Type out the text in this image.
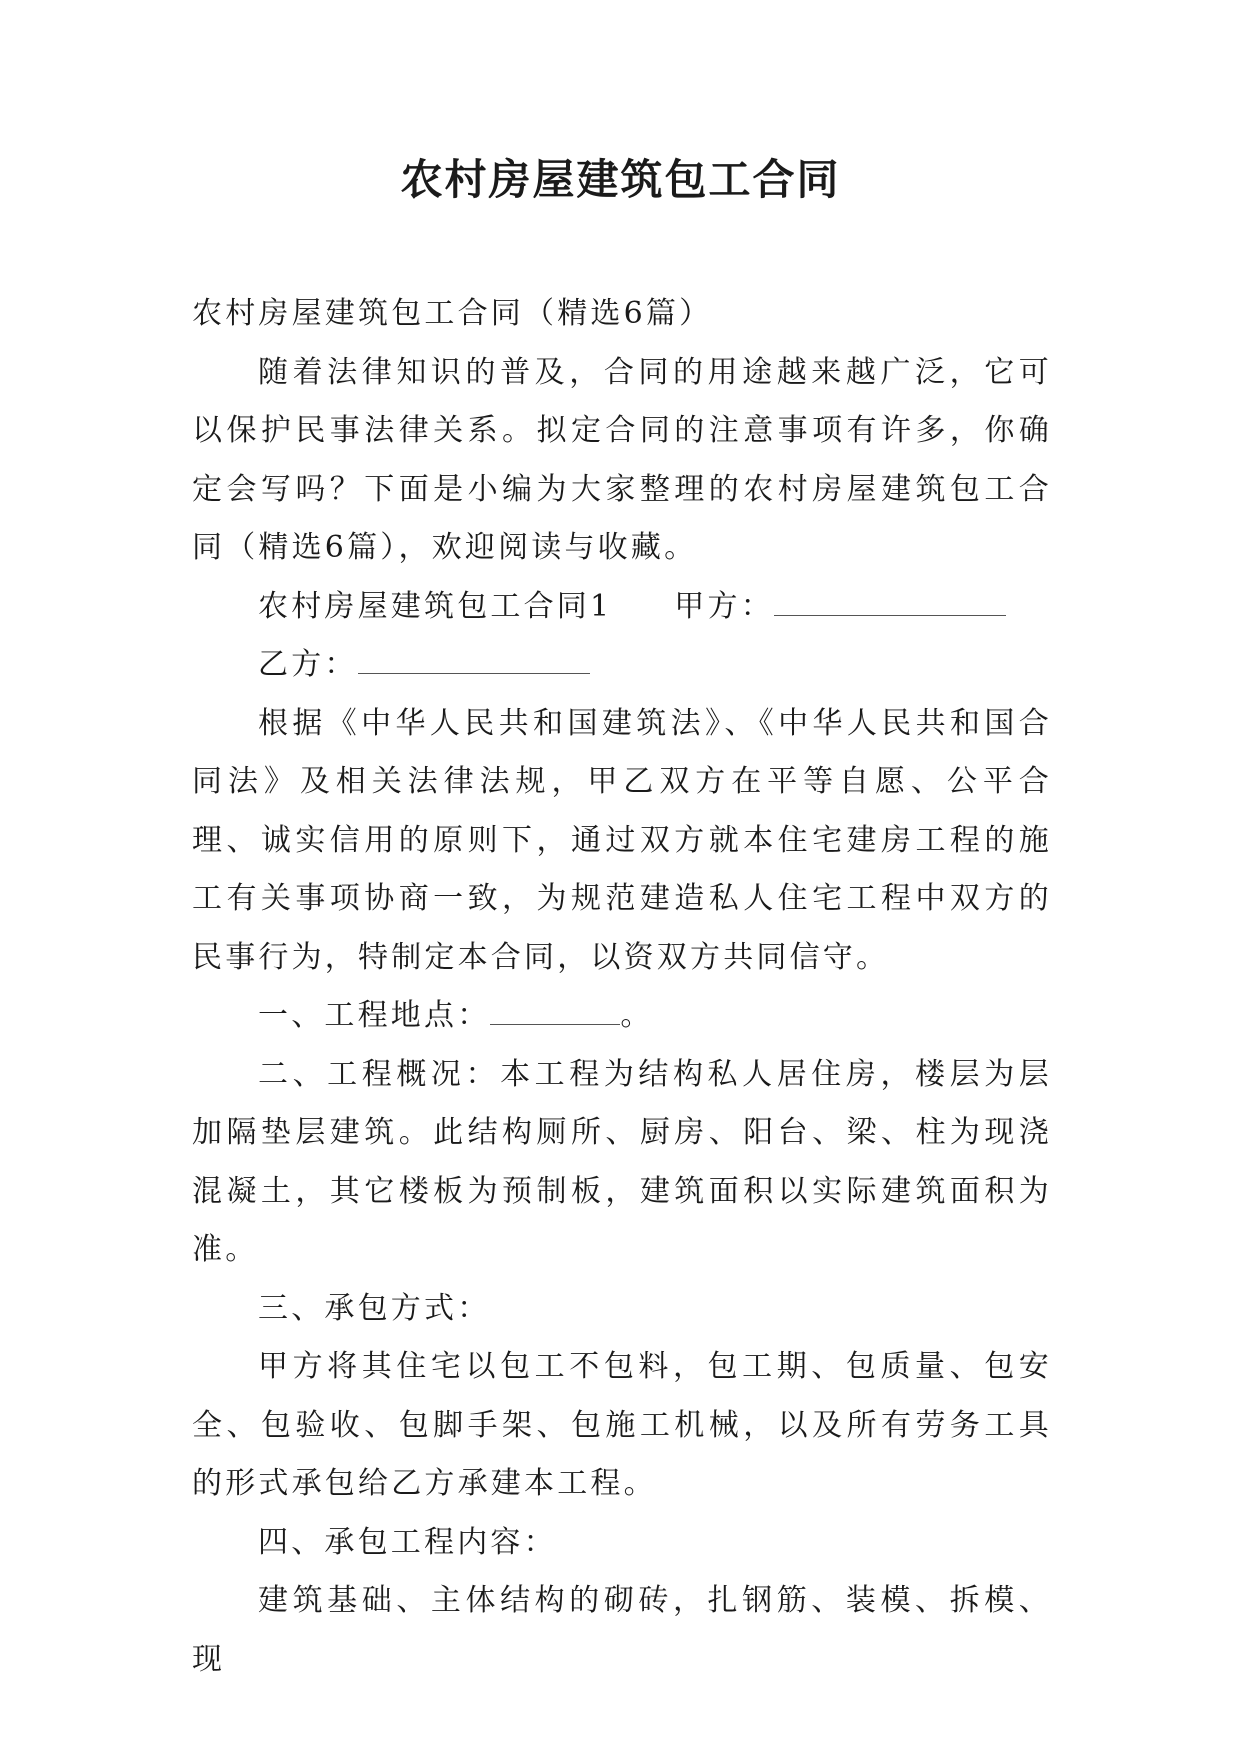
农村房屋建筑包工合同

农村房屋建筑包工合同（精选6篇）

随着法律知识的普及，合同的用途越来越广泛，它可以保护民事法律关系。拟定合同的注意事项有许多，你确定会写吗？下面是小编为大家整理的农村房屋建筑包工合同（精选6篇），欢迎阅读与收藏。

农村房屋建筑包工合同1 甲方：

乙方：

根据《中华人民共和国建筑法》、《中华人民共和国合同法》及相关法律法规，甲乙双方在平等自愿、公平合理、诚实信用的原则下，通过双方就本住宅建房工程的施工有关事项协商一致，为规范建造私人住宅工程中双方的民事行为，特制定本合同，以资双方共同信守。

一、工程地点：	。

二、工程概况：本工程为结构私人居住房，楼层为层加隔垫层建筑。此结构厕所、厨房、阳台、梁、柱为现浇混凝土，其它楼板为预制板，建筑面积以实际建筑面积为准。

三、承包方式：

甲方将其住宅以包工不包料，包工期、包质量、包安全、包验收、包脚手架、包施工机械，以及所有劳务工具的形式承包给乙方承建本工程。

四、承包工程内容：

建筑基础、主体结构的砌砖，扎钢筋、装模、拆模、现
